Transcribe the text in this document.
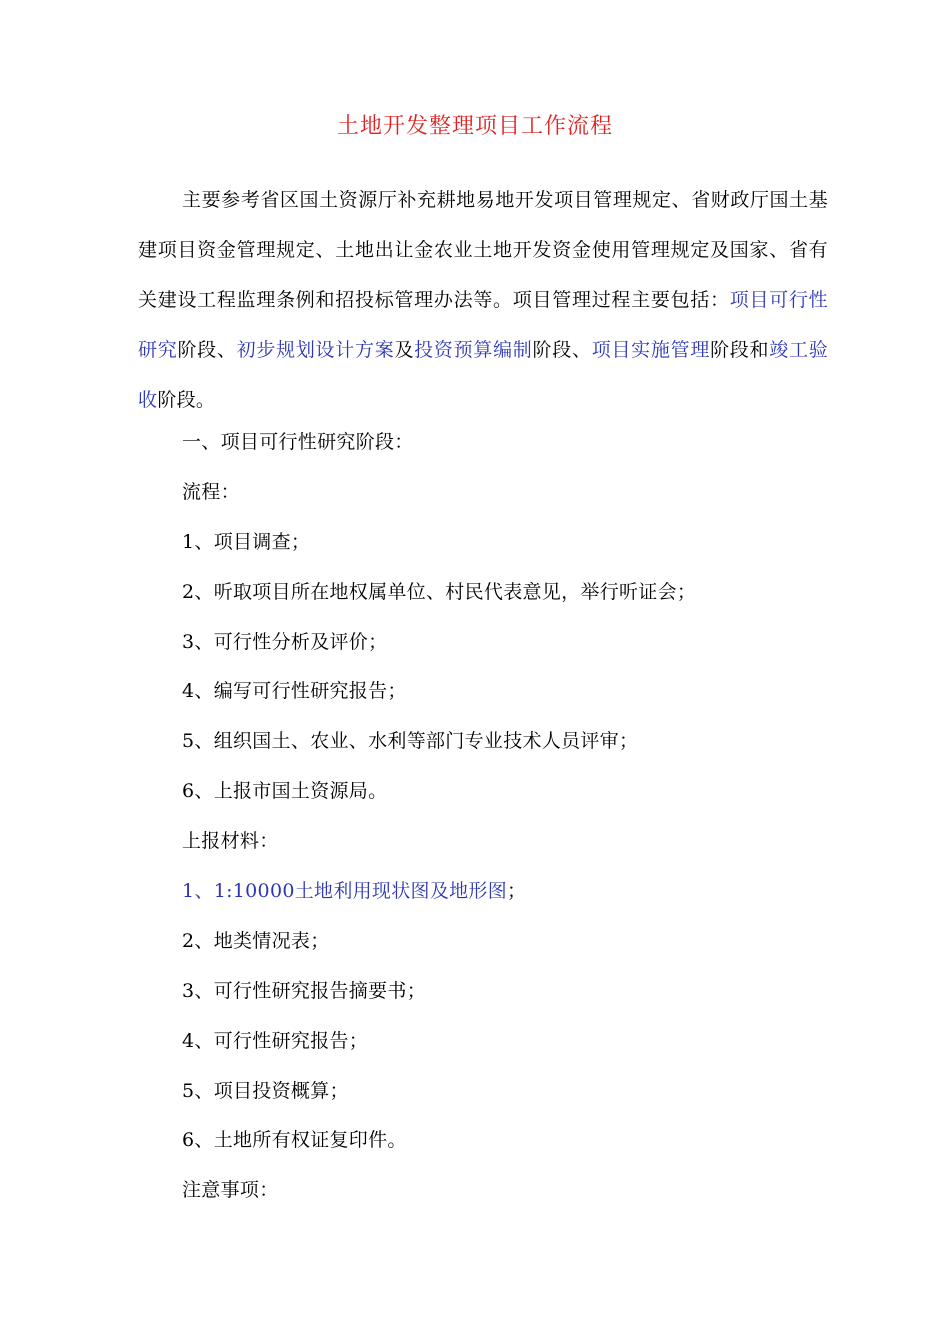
土地开发整理项目工作流程

主要参考省区国土资源厅补充耕地易地开发项目管理规定、省财政厅国土基建项目资金管理规定、土地出让金农业土地开发资金使用管理规定及国家、省有关建设工程监理条例和招投标管理办法等。项目管理过程主要包括：项目可行性研究阶段、初步规划设计方案及投资预算编制阶段、项目实施管理阶段和竣工验收阶段。

一、项目可行性研究阶段：
流程：
1、项目调查；
2、听取项目所在地权属单位、村民代表意见，举行听证会；
3、可行性分析及评价；
4、编写可行性研究报告；
5、组织国土、农业、水利等部门专业技术人员评审；
6、上报市国土资源局。
上报材料：
1、1:10000土地利用现状图及地形图；
2、地类情况表；
3、可行性研究报告摘要书；
4、可行性研究报告；
5、项目投资概算；
6、土地所有权证复印件。
注意事项：
